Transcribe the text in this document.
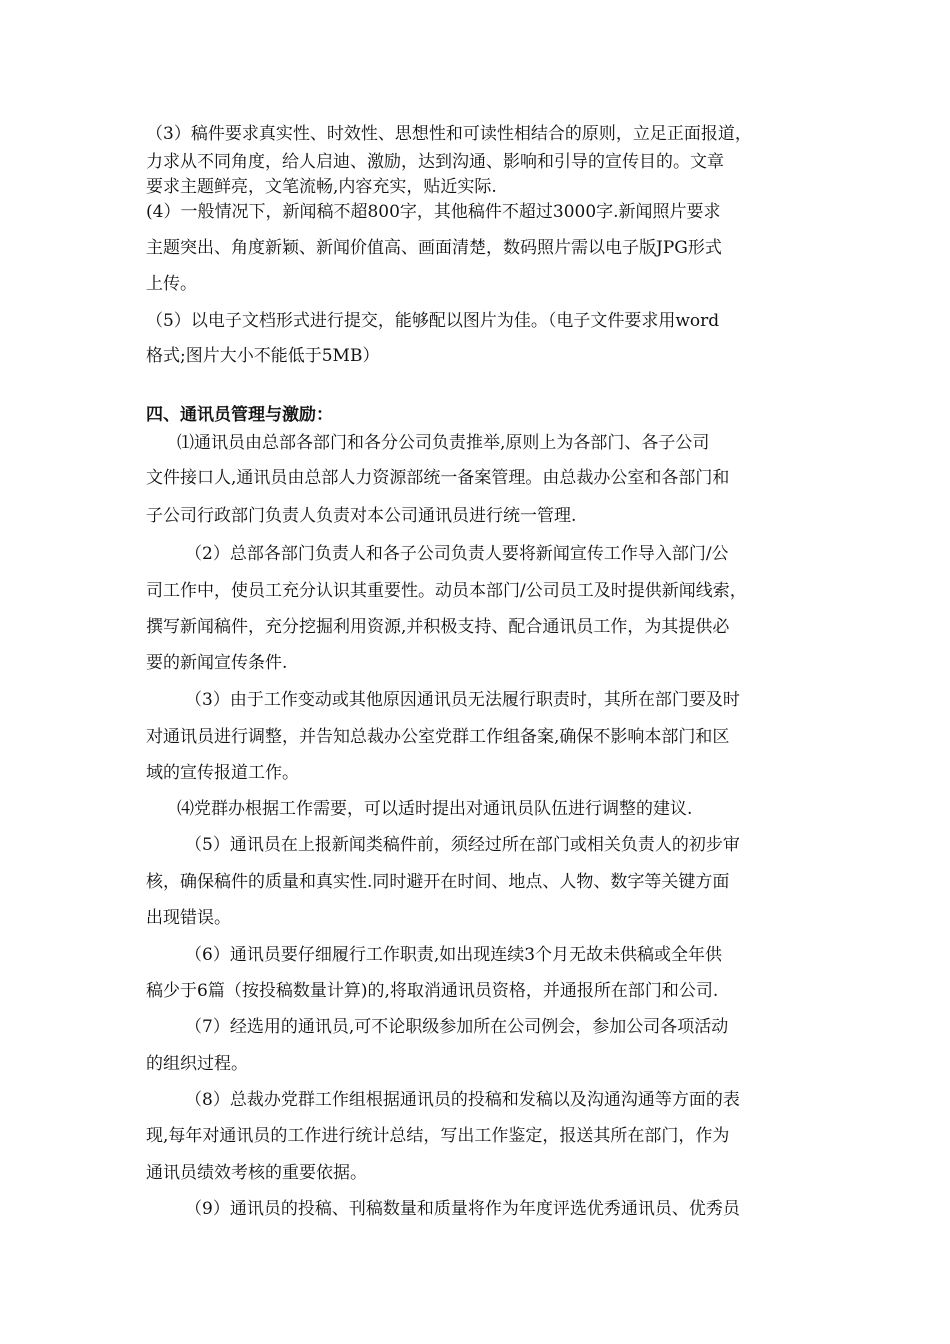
（3）稿件要求真实性、时效性、思想性和可读性相结合的原则，立足正面报道，
力求从不同角度，给人启迪、激励，达到沟通、影响和引导的宣传目的。文章
要求主题鲜亮，文笔流畅,内容充实，贴近实际.
(4）一般情况下，新闻稿不超800字，其他稿件不超过3000字.新闻照片要求
主题突出、角度新颖、新闻价值高、画面清楚，数码照片需以电子版JPG形式
上传。
（5）以电子文档形式进行提交，能够配以图片为佳。（电子文件要求用word
格式;图片大小不能低于5MB）
四、通讯员管理与激励：
⑴通讯员由总部各部门和各分公司负责推举,原则上为各部门、各子公司
文件接口人,通讯员由总部人力资源部统一备案管理。由总裁办公室和各部门和
子公司行政部门负责人负责对本公司通讯员进行统一管理.
（2）总部各部门负责人和各子公司负责人要将新闻宣传工作导入部门/公
司工作中，使员工充分认识其重要性。动员本部门/公司员工及时提供新闻线索，
撰写新闻稿件，充分挖掘利用资源,并积极支持、配合通讯员工作，为其提供必
要的新闻宣传条件.
（3）由于工作变动或其他原因通讯员无法履行职责时，其所在部门要及时
对通讯员进行调整，并告知总裁办公室党群工作组备案,确保不影响本部门和区
域的宣传报道工作。
⑷党群办根据工作需要，可以适时提出对通讯员队伍进行调整的建议.
（5）通讯员在上报新闻类稿件前，须经过所在部门或相关负责人的初步审
核，确保稿件的质量和真实性.同时避开在时间、地点、人物、数字等关键方面
出现错误。
（6）通讯员要仔细履行工作职责,如出现连续3个月无故未供稿或全年供
稿少于6篇（按投稿数量计算)的,将取消通讯员资格，并通报所在部门和公司.
（7）经选用的通讯员,可不论职级参加所在公司例会，参加公司各项活动
的组织过程。
（8）总裁办党群工作组根据通讯员的投稿和发稿以及沟通沟通等方面的表
现,每年对通讯员的工作进行统计总结，写出工作鉴定，报送其所在部门，作为
通讯员绩效考核的重要依据。
（9）通讯员的投稿、刊稿数量和质量将作为年度评选优秀通讯员、优秀员
